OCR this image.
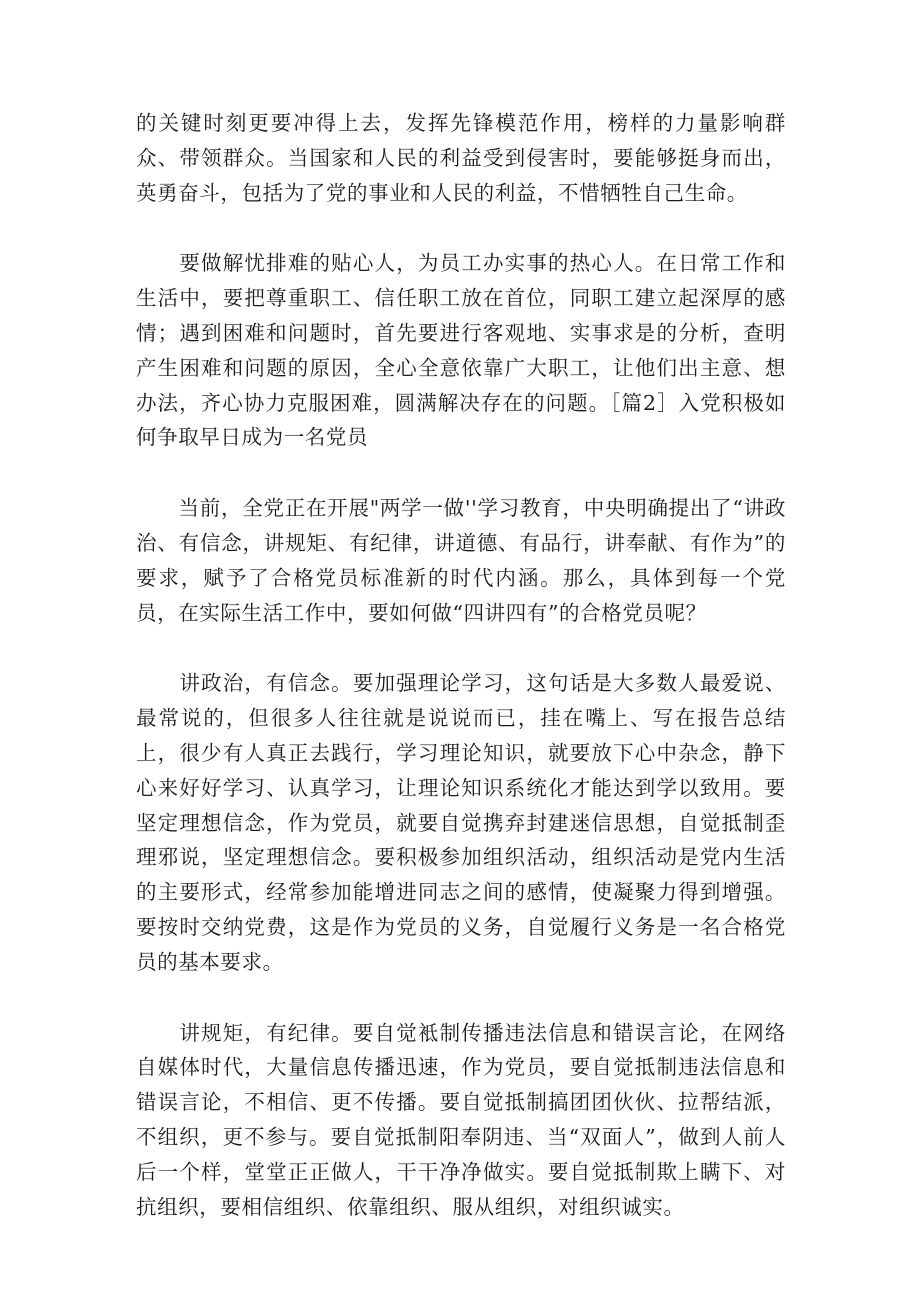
的关键时刻更要冲得上去，发挥先锋模范作用，榜样的力量影响群众、带领群众。当国家和人民的利益受到侵害时，要能够挺身而出，英勇奋斗，包括为了党的事业和人民的利益，不惜牺牲自己生命。

　　要做解忧排难的贴心人，为员工办实事的热心人。在日常工作和生活中，要把尊重职工、信任职工放在首位，同职工建立起深厚的感情；遇到困难和问题时，首先要进行客观地、实事求是的分析，查明产生困难和问题的原因，全心全意依靠广大职工，让他们出主意、想办法，齐心协力克服困难，圆满解决存在的问题。［篇2］入党积极如何争取早日成为一名党员

　　当前，全党正在开展"两学一做''学习教育，中央明确提出了“讲政治、有信念，讲规矩、有纪律，讲道德、有品行，讲奉献、有作为”的要求，赋予了合格党员标准新的时代内涵。那么，具体到每一个党员，在实际生活工作中，要如何做“四讲四有”的合格党员呢？

　　讲政治，有信念。要加强理论学习，这句话是大多数人最爱说、最常说的，但很多人往往就是说说而已，挂在嘴上、写在报告总结上，很少有人真正去践行，学习理论知识，就要放下心中杂念，静下心来好好学习、认真学习，让理论知识系统化才能达到学以致用。要坚定理想信念，作为党员，就要自觉携弃封建迷信思想，自觉抵制歪理邪说，坚定理想信念。要积极参加组织活动，组织活动是党内生活的主要形式，经常参加能增进同志之间的感情，使凝聚力得到增强。要按时交纳党费，这是作为党员的义务，自觉履行义务是一名合格党员的基本要求。

　　讲规矩，有纪律。要自觉袛制传播违法信息和错误言论，在网络自媒体时代，大量信息传播迅速，作为党员，要自觉抵制违法信息和错误言论，不相信、更不传播。要自觉抵制搞团团伙伙、拉帮结派，不组织，更不参与。要自觉抵制阳奉阴违、当“双面人”，做到人前人后一个样，堂堂正正做人，干干净净做实。要自觉抵制欺上瞒下、对抗组织，要相信组织、依靠组织、服从组织，对组织诚实。
